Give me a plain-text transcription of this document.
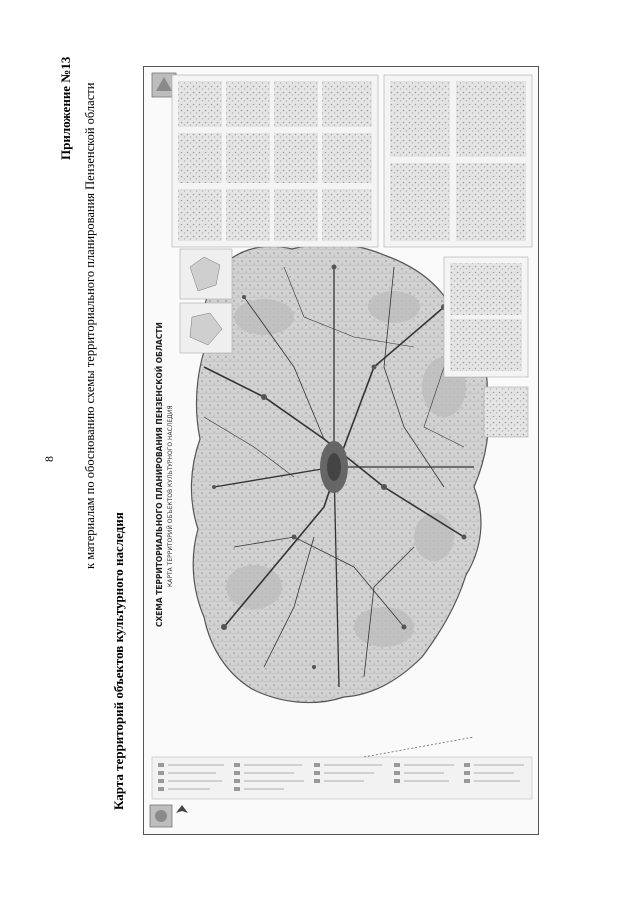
8
Приложение №13 к материалам по обоснованию схемы территориального планирования Пензенской области
Карта территорий объектов культурного наследия
СХЕМА ТЕРРИТОРИАЛЬНОГО ПЛАНИРОВАНИЯ ПЕНЗЕНСКОЙ ОБЛАСТИ КАРТА ТЕРРИТОРИЙ ОБЪЕКТОВ КУЛЬТУРНОГО НАСЛЕДИЯ
